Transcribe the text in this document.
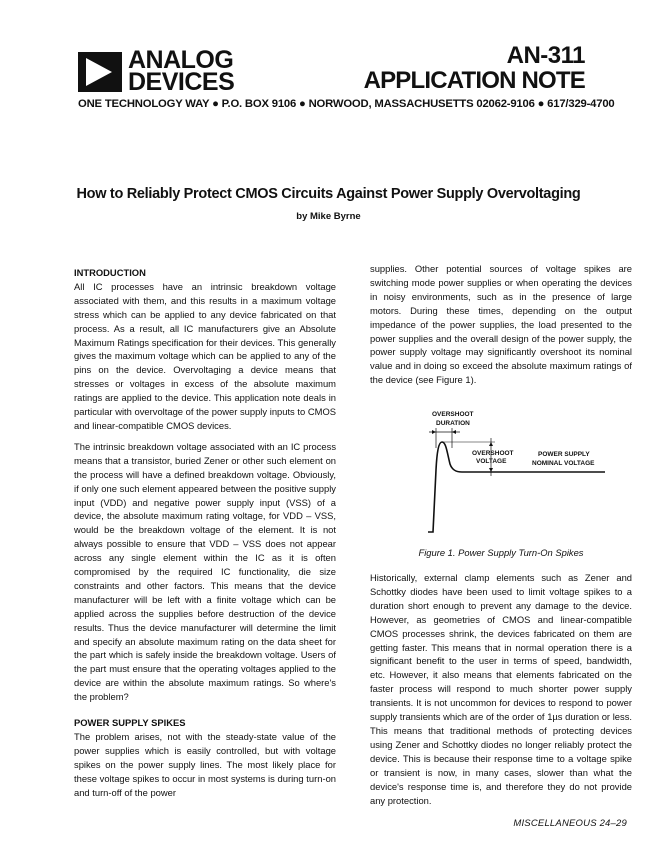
ANALOG
DEVICES
AN-311
APPLICATION NOTE
ONE TECHNOLOGY WAY ● P.O. BOX 9106 ● NORWOOD, MASSACHUSETTS 02062-9106 ● 617/329-4700
How to Reliably Protect CMOS Circuits Against Power Supply Overvoltaging
by Mike Byrne

INTRODUCTION

All IC processes have an intrinsic breakdown voltage associated with them, and this results in a maximum voltage stress which can be applied to any device fabricated on that process. As a result, all IC manufacturers give an Absolute Maximum Ratings specification for their devices. This generally gives the maximum voltage which can be applied to any of the pins on the device. Overvoltaging a device means that stresses or voltages in excess of the absolute maximum ratings are applied to the device. This application note deals in particular with overvoltage of the power supply inputs to CMOS and linear-compatible CMOS devices.

The intrinsic breakdown voltage associated with an IC process means that a transistor, buried Zener or other such element on the process will have a defined breakdown voltage. Obviously, if only one such element appeared between the positive supply input (VDD) and negative power supply input (VSS) of a device, the absolute maximum rating voltage, for VDD – VSS, would be the breakdown voltage of the element. It is not always possible to ensure that VDD – VSS does not appear across any single element within the IC as it is often compromised by the required IC functionality, die size constraints and other factors. This means that the device manufacturer will be left with a finite voltage which can be applied across the supplies before destruction of the device results. Thus the device manufacturer will determine the limit and specify an absolute maximum rating on the data sheet for the part which is safely inside the breakdown voltage. Users of the part must ensure that the operating voltages applied to the device are within the absolute maximum ratings. So where's the problem?

POWER SUPPLY SPIKES

The problem arises, not with the steady-state value of the power supplies which is easily controlled, but with voltage spikes on the power supply lines. The most likely place for these voltage spikes to occur in most systems is during turn-on and turn-off of the power

supplies. Other potential sources of voltage spikes are switching mode power supplies or when operating the devices in noisy environments, such as in the presence of large motors. During these times, depending on the output impedance of the power supplies, the load presented to the power supplies and the overall design of the power supply, the power supply voltage may significantly overshoot its nominal value and in doing so exceed the absolute maximum ratings of the device (see Figure 1).

OVERSHOOT
DURATION
OVERSHOOT
VOLTAGE
POWER SUPPLY
NOMINAL VOLTAGE
Figure 1. Power Supply Turn-On Spikes

Historically, external clamp elements such as Zener and Schottky diodes have been used to limit voltage spikes to a duration short enough to prevent any damage to the device. However, as geometries of CMOS and linear-compatible CMOS processes shrink, the devices fabricated on them are getting faster. This means that in normal operation there is a significant benefit to the user in terms of speed, bandwidth, etc. However, it also means that elements fabricated on the faster process will respond to much shorter power supply transients. It is not uncommon for devices to respond to power supply transients which are of the order of 1µs duration or less. This means that traditional methods of protecting devices using Zener and Schottky diodes no longer reliably protect the device. This is because their response time to a voltage spike or transient is now, in many cases, slower than what the device's response time is, and therefore they do not provide any protection.

MISCELLANEOUS 24–29
